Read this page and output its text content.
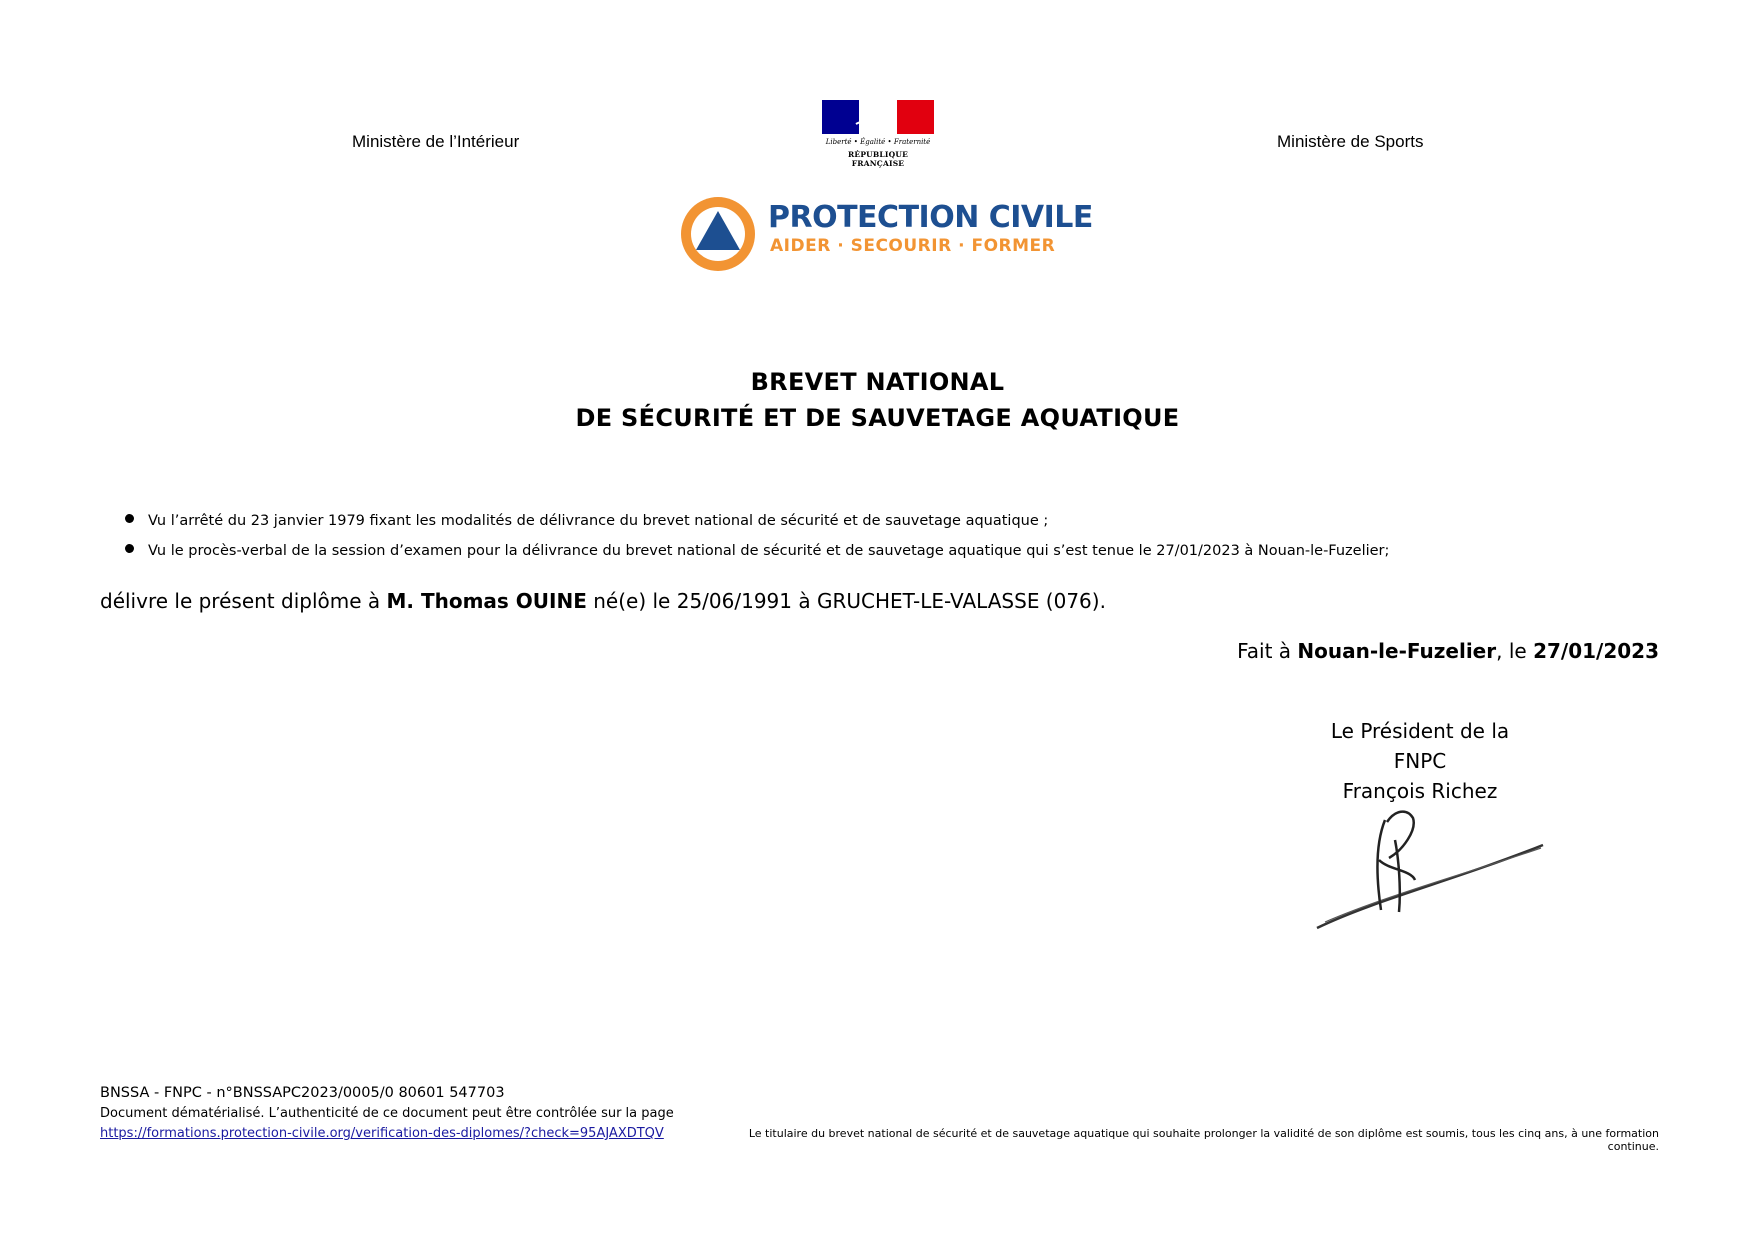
Ministère de l’Intérieur	Ministère de Sports
Liberté • Égalité • Fraternité
RÉPUBLIQUE FRANÇAISE
PROTECTION CIVILE
AIDER · SECOURIR · FORMER
BREVET NATIONAL
DE SÉCURITÉ ET DE SAUVETAGE AQUATIQUE
Vu l’arrêté du 23 janvier 1979 fixant les modalités de délivrance du brevet national de sécurité et de sauvetage aquatique ;
Vu le procès-verbal de la session d’examen pour la délivrance du brevet national de sécurité et de sauvetage aquatique qui s’est tenue le 27/01/2023 à Nouan-le-Fuzelier;
délivre le présent diplôme à M. Thomas OUINE né(e) le 25/06/1991 à GRUCHET-LE-VALASSE (076).
Fait à Nouan-le-Fuzelier, le 27/01/2023
Le Président de la
FNPC
François Richez
BNSSA - FNPC - n°BNSSAPC2023/0005/0 80601 547703
Document dématérialisé. L’authenticité de ce document peut être contrôlée sur la page
https://formations.protection-civile.org/verification-des-diplomes/?check=95AJAXDTQV	Le titulaire du brevet national de sécurité et de sauvetage aquatique qui souhaite prolonger la validité de son diplôme est soumis, tous les cinq ans, à une formation continue.
